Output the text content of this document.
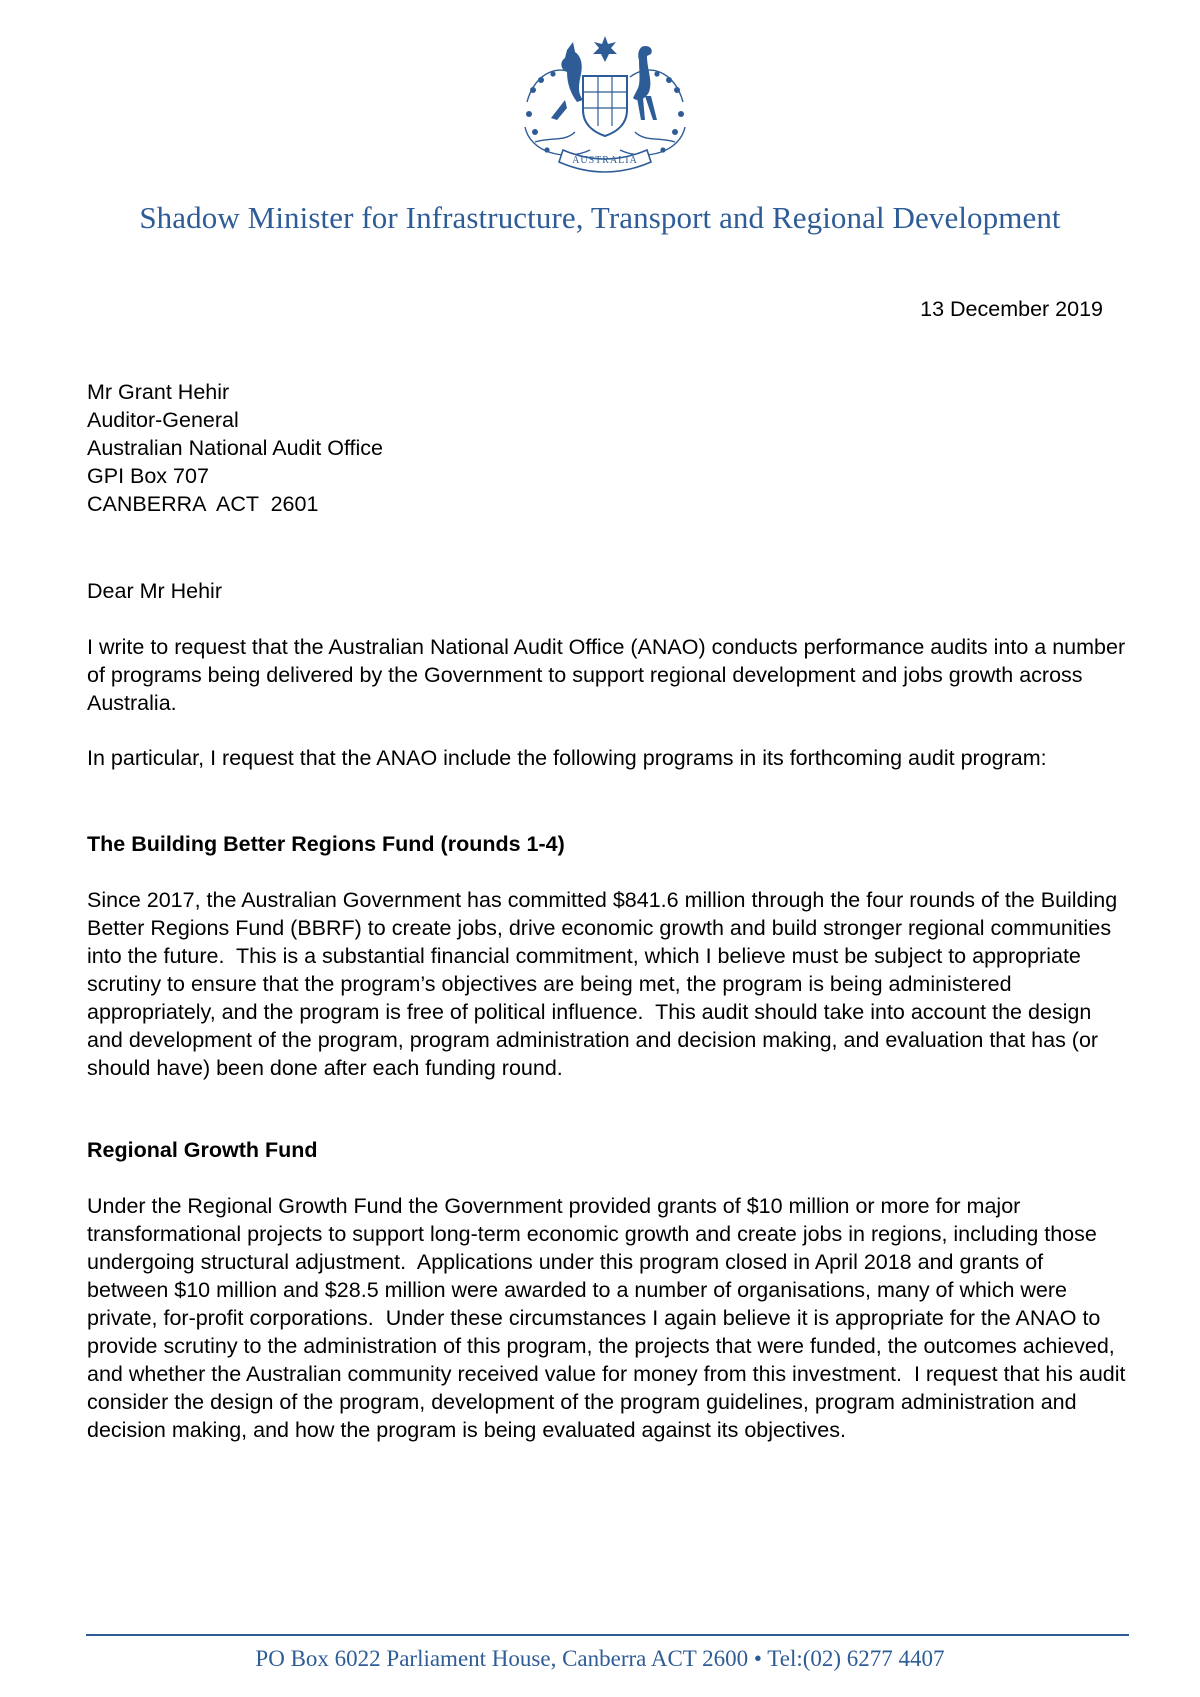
AUSTRALIA
Shadow Minister for Infrastructure, Transport and Regional Development
13 December 2019
Mr Grant Hehir
Auditor-General
Australian National Audit Office
GPI Box 707
CANBERRA  ACT  2601
Dear Mr Hehir

I write to request that the Australian National Audit Office (ANAO) conducts performance audits into a number of programs being delivered by the Government to support regional development and jobs growth across Australia.

In particular, I request that the ANAO include the following programs in its forthcoming audit program:

The Building Better Regions Fund (rounds 1-4)

Since 2017, the Australian Government has committed $841.6 million through the four rounds of the Building Better Regions Fund (BBRF) to create jobs, drive economic growth and build stronger regional communities into the future.  This is a substantial financial commitment, which I believe must be subject to appropriate scrutiny to ensure that the program’s objectives are being met, the program is being administered appropriately, and the program is free of political influence.  This audit should take into account the design and development of the program, program administration and decision making, and evaluation that has (or should have) been done after each funding round.

Regional Growth Fund

Under the Regional Growth Fund the Government provided grants of $10 million or more for major transformational projects to support long-term economic growth and create jobs in regions, including those undergoing structural adjustment.  Applications under this program closed in April 2018 and grants of between $10 million and $28.5 million were awarded to a number of organisations, many of which were private, for-profit corporations.  Under these circumstances I again believe it is appropriate for the ANAO to provide scrutiny to the administration of this program, the projects that were funded, the outcomes achieved, and whether the Australian community received value for money from this investment.  I request that his audit consider the design of the program, development of the program guidelines, program administration and decision making, and how the program is being evaluated against its objectives.

PO Box 6022 Parliament House, Canberra ACT 2600 • Tel:(02) 6277 4407
